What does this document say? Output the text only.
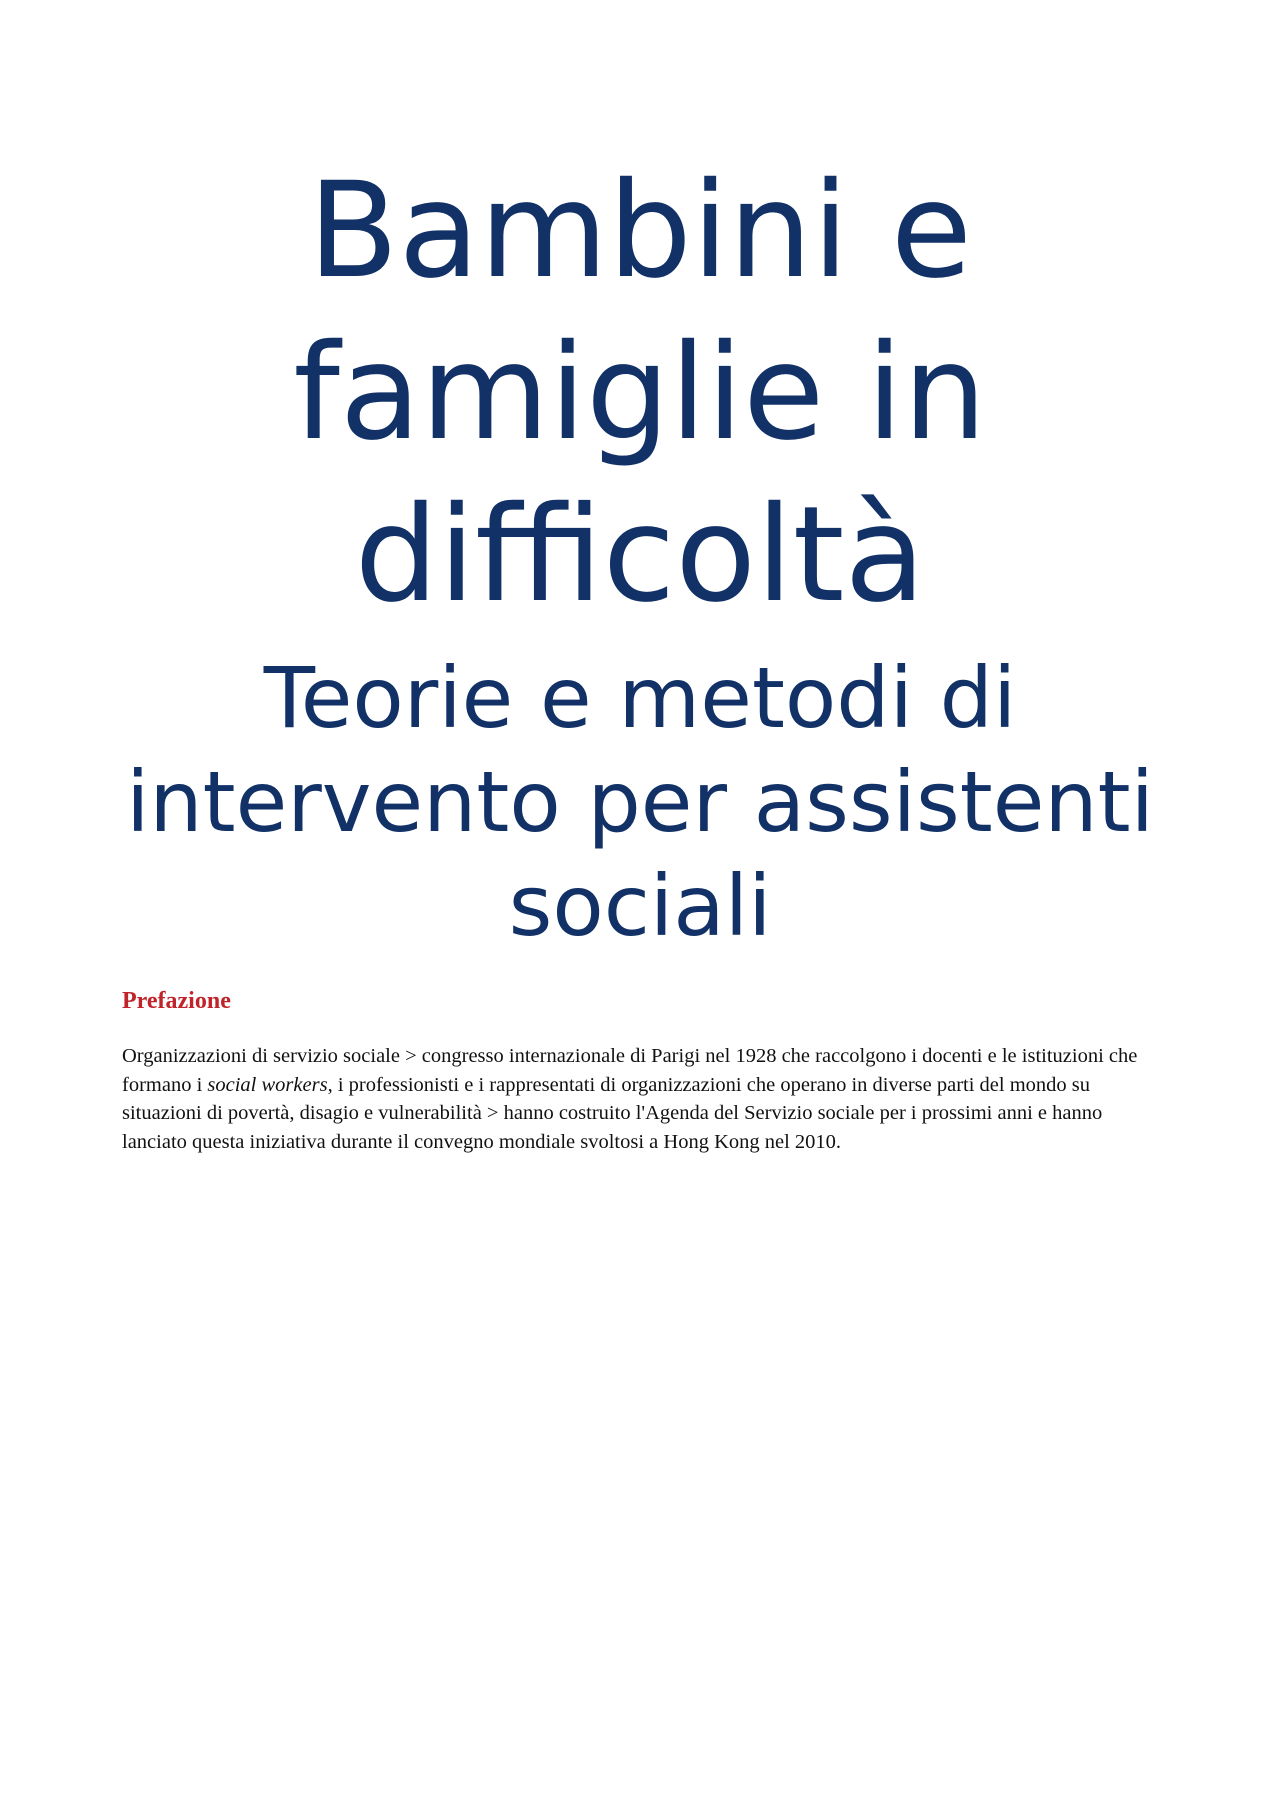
Bambini e famiglie in difficoltà
Teorie e metodi di intervento per assistenti sociali
Prefazione

Organizzazioni di servizio sociale > congresso internazionale di Parigi nel 1928 che raccolgono i docenti e le istituzioni che formano i social workers, i professionisti e i rappresentati di organizzazioni che operano in diverse parti del mondo su situazioni di povertà, disagio e vulnerabilità > hanno costruito l'Agenda del Servizio sociale per i prossimi anni e hanno lanciato questa iniziativa durante il convegno mondiale svoltosi a Hong Kong nel 2010.
